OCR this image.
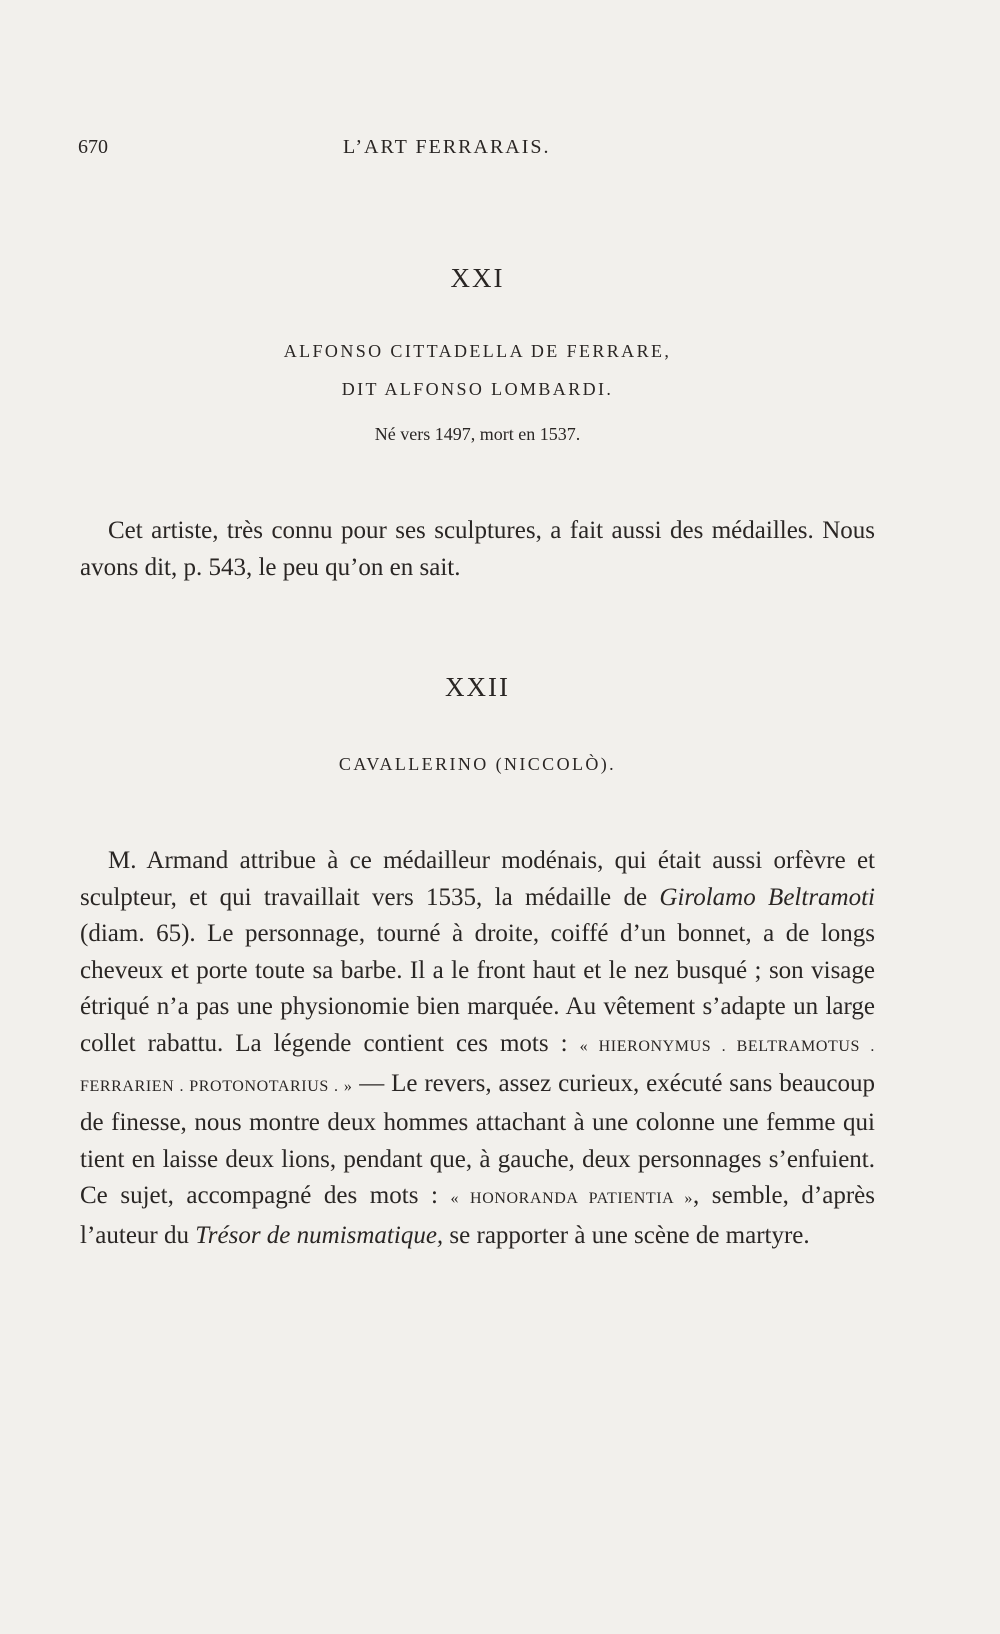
670	L’ART FERRARAIS.
XXI
ALFONSO CITTADELLA DE FERRARE,
DIT ALFONSO LOMBARDI.
Né vers 1497, mort en 1537.

Cet artiste, très connu pour ses sculptures, a fait aussi des médailles. Nous avons dit, p. 543, le peu qu’on en sait.

XXII
CAVALLERINO (NICCOLÒ).

M. Armand attribue à ce médailleur modénais, qui était aussi orfèvre et sculpteur, et qui travaillait vers 1535, la médaille de Girolamo Beltramoti (diam. 65). Le personnage, tourné à droite, coiffé d’un bonnet, a de longs cheveux et porte toute sa barbe. Il a le front haut et le nez busqué ; son visage étriqué n’a pas une physionomie bien marquée. Au vêtement s’adapte un large collet rabattu. La légende contient ces mots : « HIERONYMUS . BELTRAMOTUS . FERRARIEN . PROTONOTARIUS . » — Le revers, assez curieux, exécuté sans beaucoup de finesse, nous montre deux hommes attachant à une colonne une femme qui tient en laisse deux lions, pendant que, à gauche, deux personnages s’enfuient. Ce sujet, accompagné des mots : « HONORANDA PATIENTIA », semble, d’après l’auteur du Trésor de numismatique, se rapporter à une scène de martyre.
